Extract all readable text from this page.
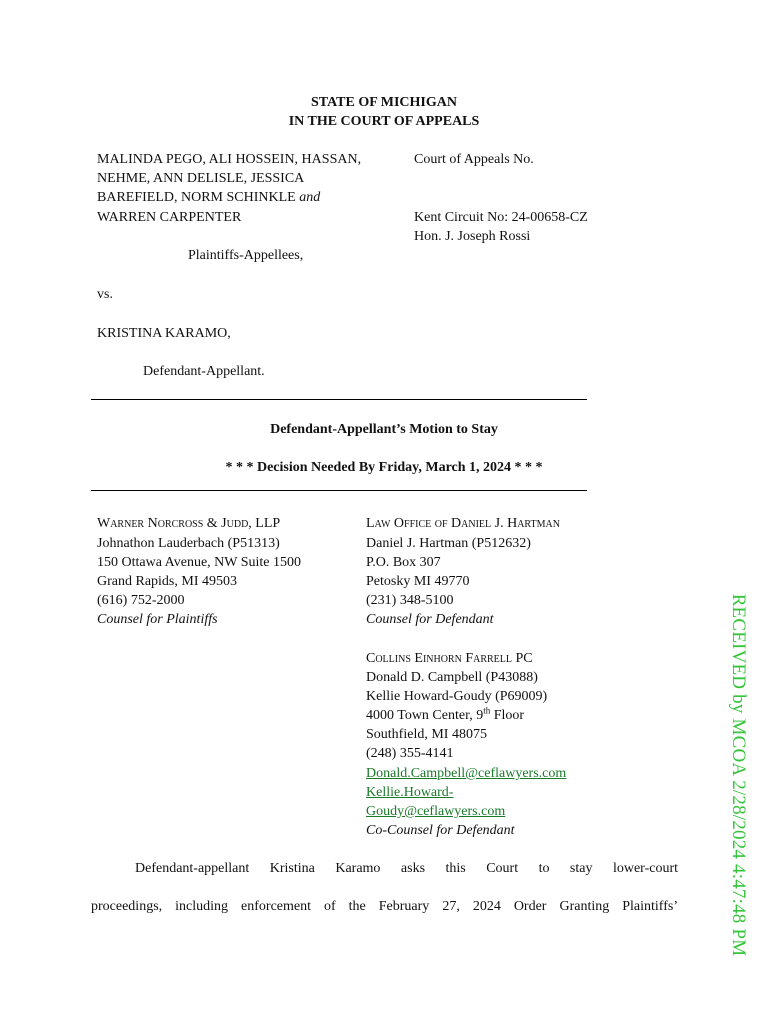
STATE OF MICHIGAN
IN THE COURT OF APPEALS
MALINDA PEGO, ALI HOSSEIN, HASSAN,
NEHME, ANN DELISLE, JESSICA
BAREFIELD, NORM SCHINKLE and
WARREN CARPENTER
Court of Appeals No.
Kent Circuit No: 24-00658-CZ
Hon. J. Joseph Rossi
Plaintiffs-Appellees,
vs.
KRISTINA KARAMO,
Defendant-Appellant.
Defendant-Appellant’s Motion to Stay
* * * Decision Needed By Friday, March 1, 2024 * * *
Warner Norcross & Judd, LLP
Johnathon Lauderbach (P51313)
150 Ottawa Avenue, NW Suite 1500
Grand Rapids, MI 49503
(616) 752-2000
Counsel for Plaintiffs
Law Office of Daniel J. Hartman
Daniel J. Hartman (P512632)
P.O. Box 307
Petosky MI 49770
(231) 348-5100
Counsel for Defendant
Collins Einhorn Farrell PC
Donald D. Campbell (P43088)
Kellie Howard-Goudy (P69009)
4000 Town Center, 9th Floor
Southfield, MI 48075
(248) 355-4141
Donald.Campbell@ceflawyers.com
Kellie.Howard-
Goudy@ceflawyers.com
Co-Counsel for Defendant
Defendant-appellant Kristina Karamo asks this Court to stay lower-court
proceedings, including enforcement of the February 27, 2024 Order Granting Plaintiffs’	RECEIVED by MCOA 2/28/2024 4:47:48 PM
